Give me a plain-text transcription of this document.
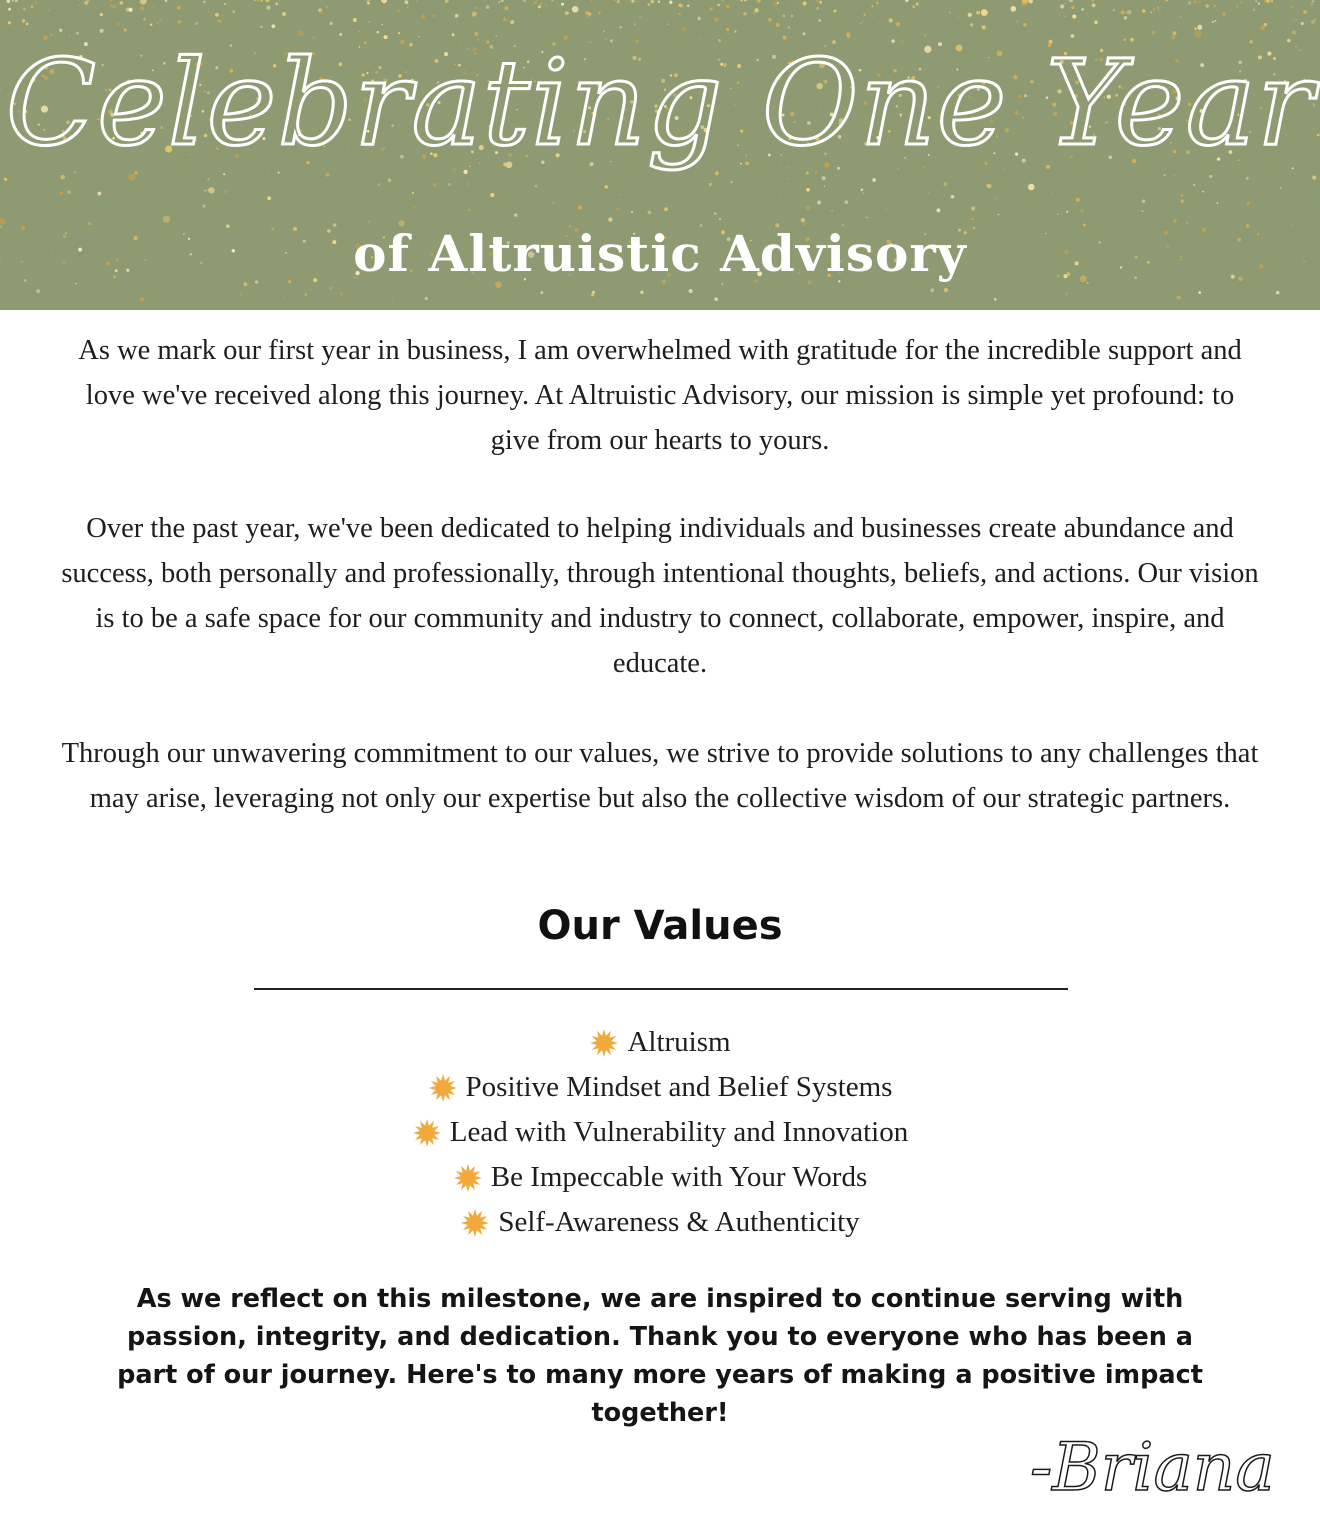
Celebrating One Year
of Altruistic Advisory
As we mark our first year in business, I am overwhelmed with gratitude for the incredible support and love we've received along this journey. At Altruistic Advisory, our mission is simple yet profound: to give from our hearts to yours.
Over the past year, we've been dedicated to helping individuals and businesses create abundance and success, both personally and professionally, through intentional thoughts, beliefs, and actions. Our vision is to be a safe space for our community and industry to connect, collaborate, empower, inspire, and educate.
Through our unwavering commitment to our values, we strive to provide solutions to any challenges that may arise, leveraging not only our expertise but also the collective wisdom of our strategic partners.
Our Values
Altruism
Positive Mindset and Belief Systems
Lead with Vulnerability and Innovation
Be Impeccable with Your Words
Self-Awareness & Authenticity
As we reflect on this milestone, we are inspired to continue serving with passion, integrity, and dedication. Thank you to everyone who has been a part of our journey. Here's to many more years of making a positive impact together!
-Briana
